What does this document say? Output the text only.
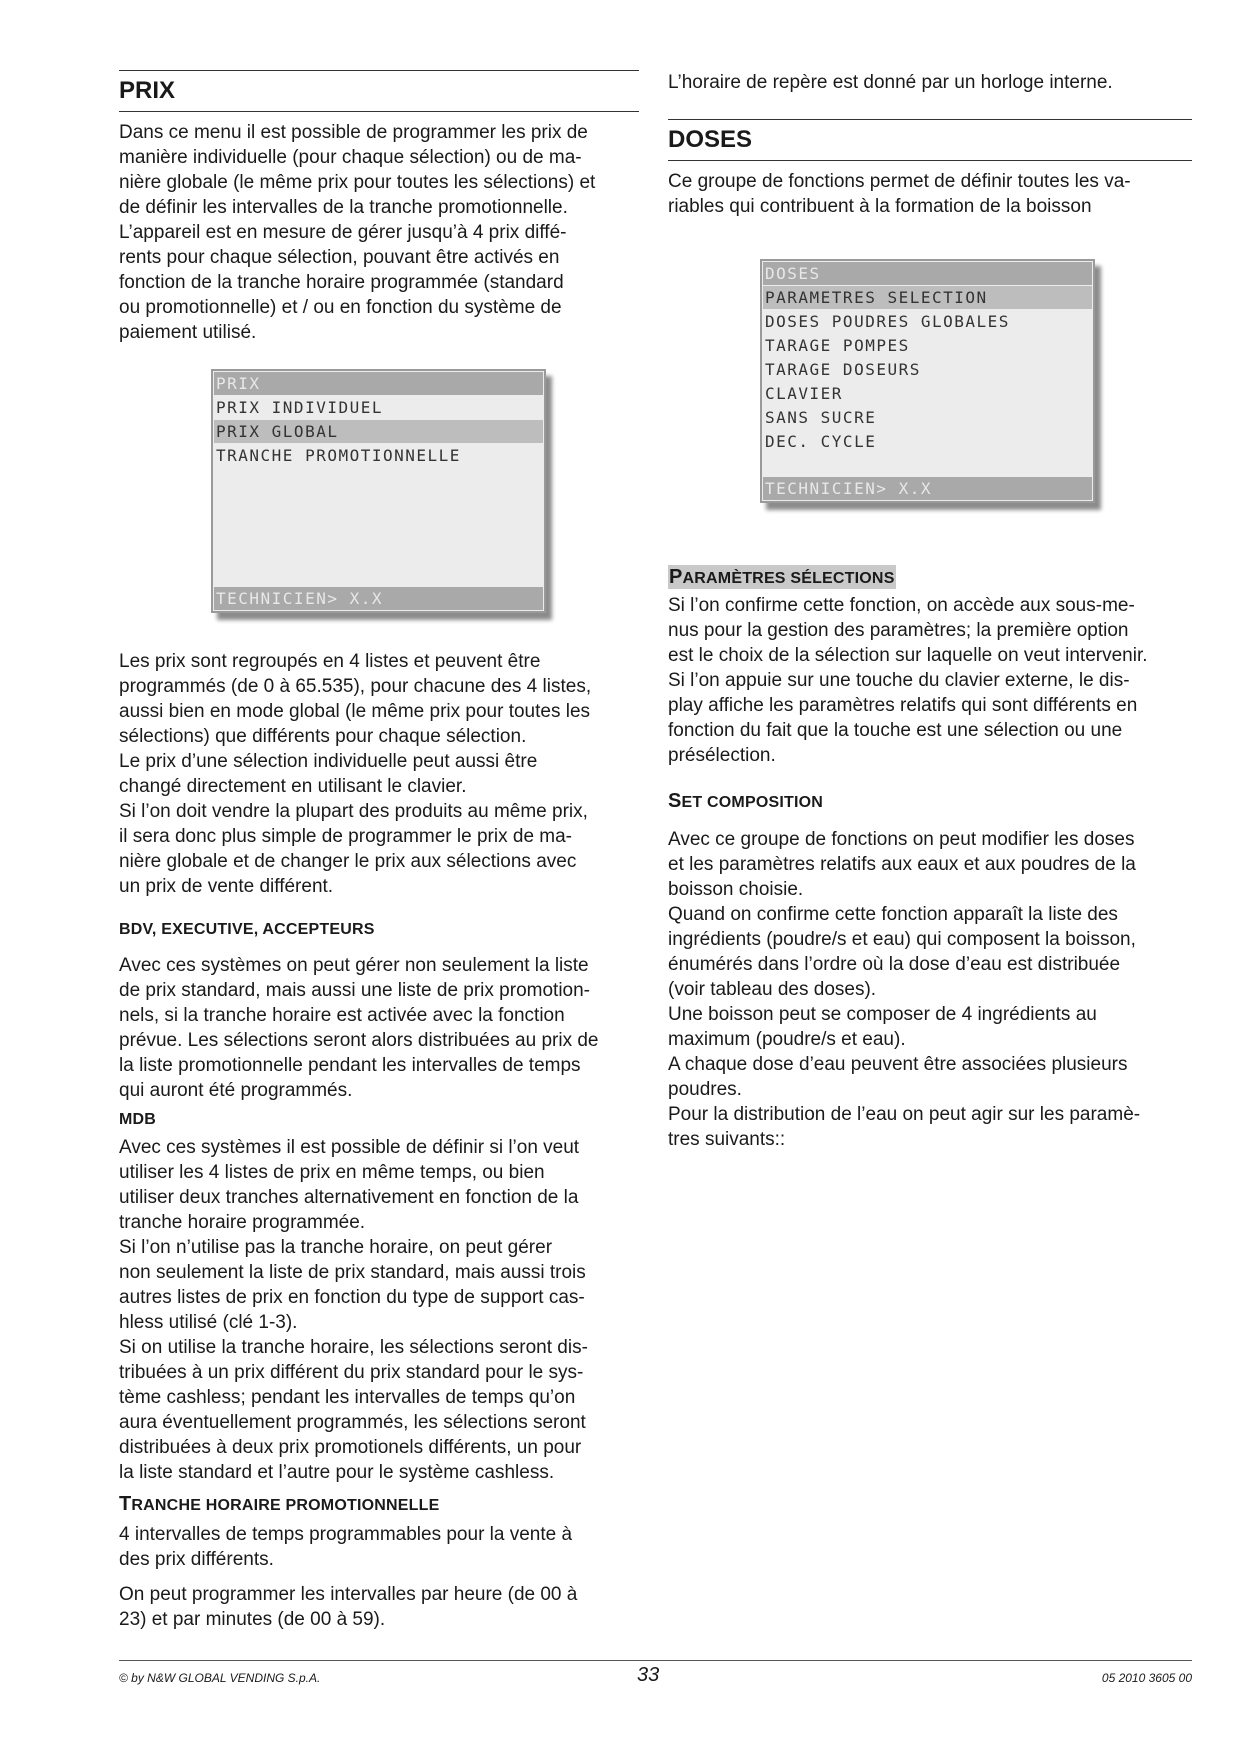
PRIX

Dans ce menu il est possible de programmer les prix de
manière individuelle (pour chaque sélection) ou de ma-
nière globale (le même prix pour toutes les sélections) et
de définir les intervalles de la tranche promotionnelle.
L’appareil est en mesure de gérer jusqu’à 4 prix diffé-
rents pour chaque sélection, pouvant être activés en
fonction de la tranche horaire programmée (standard
ou promotionnelle) et / ou en fonction du système de
paiement utilisé.

PRIX
PRIX INDIVIDUEL
PRIX GLOBAL
TRANCHE PROMOTIONNELLE
TECHNICIEN> X.X

Les prix sont regroupés en 4 listes et peuvent être
programmés (de 0 à 65.535), pour chacune des 4 listes,
aussi bien en mode global (le même prix pour toutes les
sélections) que différents pour chaque sélection.
Le prix d’une sélection individuelle peut aussi être
changé directement en utilisant le clavier.
Si l’on doit vendre la plupart des produits au même prix,
il sera donc plus simple de programmer le prix de ma-
nière globale et de changer le prix aux sélections avec
un prix de vente différent.

BDV, EXECUTIVE, ACCEPTEURS

Avec ces systèmes on peut gérer non seulement la liste
de prix standard, mais aussi une liste de prix promotion-
nels, si la tranche horaire est activée avec la fonction
prévue. Les sélections seront alors distribuées au prix de
la liste promotionnelle pendant les intervalles de temps
qui auront été programmés.

MDB

Avec ces systèmes il est possible de définir si l’on veut
utiliser les 4 listes de prix en même temps, ou bien
utiliser deux tranches alternativement en fonction de la
tranche horaire programmée.
Si l’on n’utilise pas la tranche horaire, on peut gérer
non seulement la liste de prix standard, mais aussi trois
autres listes de prix en fonction du type de support cas-
hless utilisé (clé 1-3).
Si on utilise la tranche horaire, les sélections seront dis-
tribuées à un prix différent du prix standard pour le sys-
tème cashless; pendant les intervalles de temps qu’on
aura éventuellement programmés, les sélections seront
distribuées à deux prix promotionels différents, un pour
la liste standard et l’autre pour le système cashless.

TRANCHE HORAIRE PROMOTIONNELLE

4 intervalles de temps programmables pour la vente à
des prix différents.

On peut programmer les intervalles par heure (de 00 à
23) et par minutes (de 00 à 59).

L’horaire de repère est donné par un horloge interne.

DOSES

Ce groupe de fonctions permet de définir toutes les va-
riables qui contribuent à la formation de la boisson

DOSES
PARAMETRES SELECTION
DOSES POUDRES GLOBALES
TARAGE POMPES
TARAGE DOSEURS
CLAVIER
SANS SUCRE
DEC. CYCLE
TECHNICIEN> X.X
PARAMÈTRES SÉLECTIONS

Si l’on confirme cette fonction, on accède aux sous-me-
nus pour la gestion des paramètres; la première option
est le choix de la sélection sur laquelle on veut intervenir.
Si l’on appuie sur une touche du clavier externe, le dis-
play affiche les paramètres relatifs qui sont différents en
fonction du fait que la touche est une sélection ou une
présélection.

SET COMPOSITION

Avec ce groupe de fonctions on peut modifier les doses
et les paramètres relatifs aux eaux et aux poudres de la
boisson choisie.
Quand on confirme cette fonction apparaît la liste des
ingrédients (poudre/s et eau) qui composent la boisson,
énumérés dans l’ordre où la dose d’eau est distribuée
(voir tableau des doses).
Une boisson peut se composer de 4 ingrédients au
maximum (poudre/s et eau).
A chaque dose d’eau peuvent être associées plusieurs
poudres.
Pour la distribution de l’eau on peut agir sur les paramè-
tres suivants::

© by N&W GLOBAL VENDING S.p.A.	33	05 2010 3605 00
